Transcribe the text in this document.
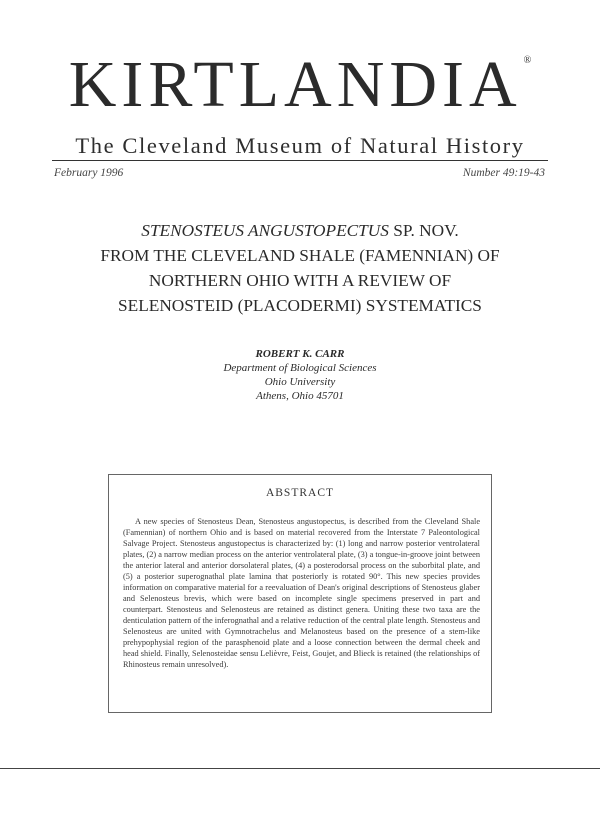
KIRTLANDIA ®
The Cleveland Museum of Natural History
February 1996	Number 49:19-43
STENOSTEUS ANGUSTOPECTUS SP. NOV.
FROM THE CLEVELAND SHALE (FAMENNIAN) OF
NORTHERN OHIO WITH A REVIEW OF
SELENOSTEID (PLACODERMI) SYSTEMATICS
ROBERT K. CARR
Department of Biological Sciences
Ohio University
Athens, Ohio 45701
ABSTRACT

A new species of Stenosteus Dean, Stenosteus angustopectus, is described from the Cleveland Shale (Famennian) of northern Ohio and is based on material recovered from the Interstate 7 Paleontological Salvage Project. Stenosteus angustopectus is characterized by: (1) long and narrow posterior ventrolateral plates, (2) a narrow median process on the anterior ventrolateral plate, (3) a tongue-in-groove joint between the anterior lateral and anterior dorsolateral plates, (4) a posterodorsal process on the suborbital plate, and (5) a posterior superognathal plate lamina that posteriorly is rotated 90°. This new species provides information on comparative material for a reevaluation of Dean's original descriptions of Stenosteus glaber and Selenosteus brevis, which were based on incomplete single specimens preserved in part and counterpart. Stenosteus and Selenosteus are retained as distinct genera. Uniting these two taxa are the denticulation pattern of the inferognathal and a relative reduction of the central plate length. Stenosteus and Selenosteus are united with Gymnotrachelus and Melanosteus based on the presence of a stem-like prehypophysial region of the parasphenoid plate and a loose connection between the dermal cheek and head shield. Finally, Selenosteidae sensu Lelièvre, Feist, Goujet, and Blieck is retained (the relationships of Rhinosteus remain unresolved).
